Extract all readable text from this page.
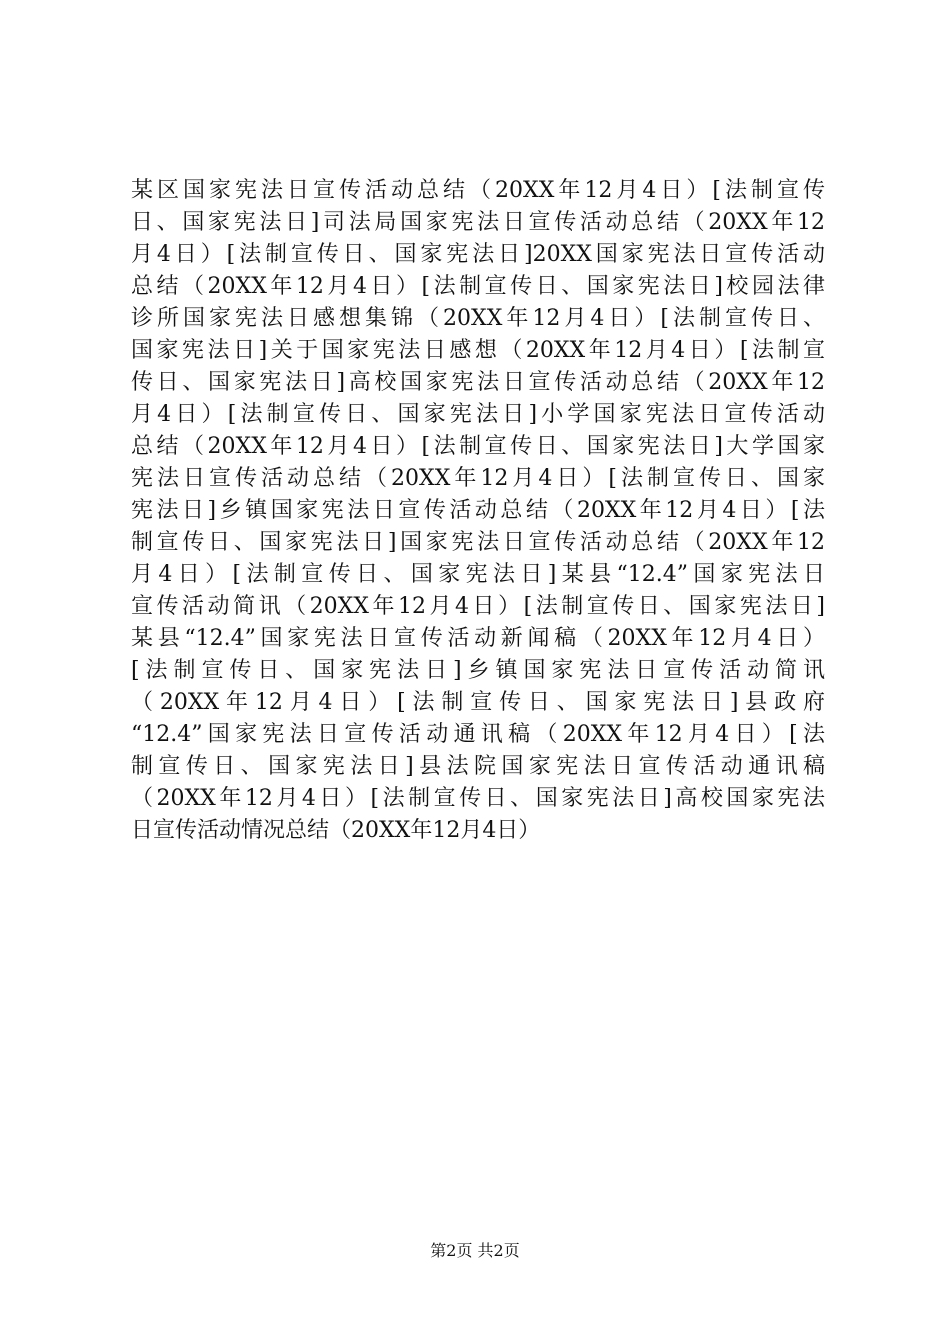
某区国家宪法日宣传活动总结（20XX年12月4日）[法制宣传
日、国家宪法日]司法局国家宪法日宣传活动总结（20XX年12
月4日）[法制宣传日、国家宪法日]20XX国家宪法日宣传活动
总结（20XX年12月4日）[法制宣传日、国家宪法日]校园法律
诊所国家宪法日感想集锦（20XX年12月4日）[法制宣传日、
国家宪法日]关于国家宪法日感想（20XX年12月4日）[法制宣
传日、国家宪法日]高校国家宪法日宣传活动总结（20XX年12
月4日）[法制宣传日、国家宪法日]小学国家宪法日宣传活动
总结（20XX年12月4日）[法制宣传日、国家宪法日]大学国家
宪法日宣传活动总结（20XX年12月4日）[法制宣传日、国家
宪法日]乡镇国家宪法日宣传活动总结（20XX年12月4日）[法
制宣传日、国家宪法日]国家宪法日宣传活动总结（20XX年12
月4日）[法制宣传日、国家宪法日]某县“12.4”国家宪法日
宣传活动简讯（20XX年12月4日）[法制宣传日、国家宪法日]
某县“12.4”国家宪法日宣传活动新闻稿（20XX年12月4日）
[法制宣传日、国家宪法日]乡镇国家宪法日宣传活动简讯
（20XX年12月4日）[法制宣传日、国家宪法日]县政府
“12.4”国家宪法日宣传活动通讯稿（20XX年12月4日）[法
制宣传日、国家宪法日]县法院国家宪法日宣传活动通讯稿
（20XX年12月4日）[法制宣传日、国家宪法日]高校国家宪法
日宣传活动情况总结（20XX年12月4日）
第2页 共2页
